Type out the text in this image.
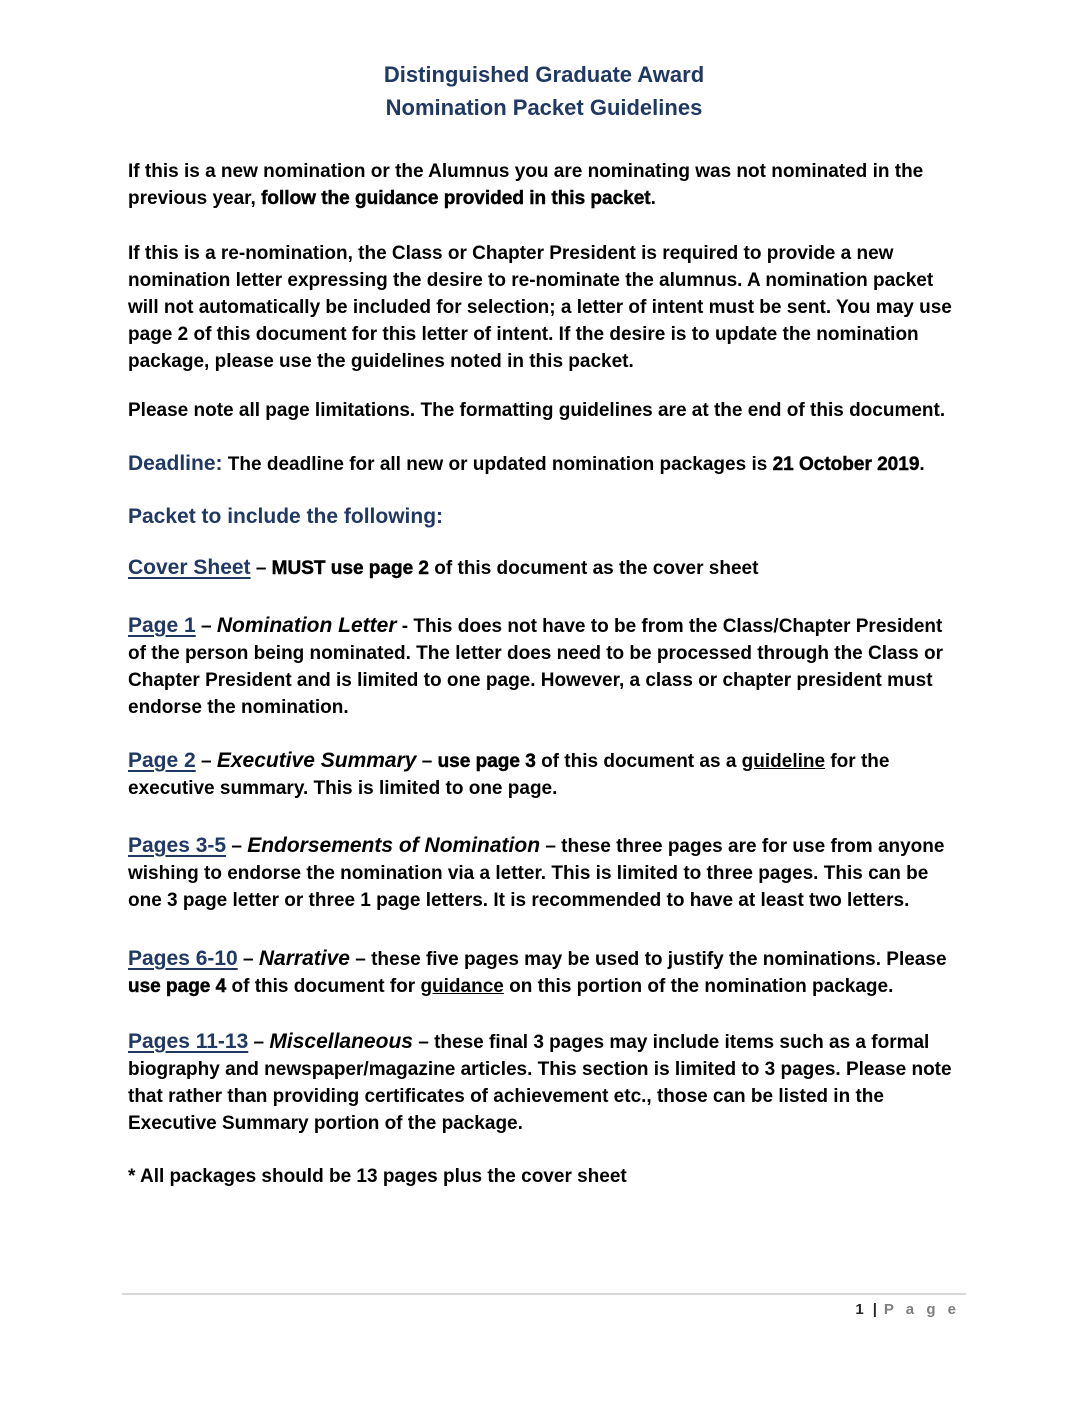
Distinguished Graduate Award
Nomination Packet Guidelines

If this is a new nomination or the Alumnus you are nominating was not nominated in the previous year, follow the guidance provided in this packet.

If this is a re-nomination, the Class or Chapter President is required to provide a new nomination letter expressing the desire to re-nominate the alumnus. A nomination packet will not automatically be included for selection; a letter of intent must be sent. You may use page 2 of this document for this letter of intent. If the desire is to update the nomination package, please use the guidelines noted in this packet.

Please note all page limitations. The formatting guidelines are at the end of this document.

Deadline: The deadline for all new or updated nomination packages is 21 October 2019.

Packet to include the following:

Cover Sheet – MUST use page 2 of this document as the cover sheet

Page 1 – Nomination Letter - This does not have to be from the Class/Chapter President of the person being nominated. The letter does need to be processed through the Class or Chapter President and is limited to one page. However, a class or chapter president must endorse the nomination.

Page 2 – Executive Summary – use page 3 of this document as a guideline for the executive summary. This is limited to one page.

Pages 3-5 – Endorsements of Nomination – these three pages are for use from anyone wishing to endorse the nomination via a letter. This is limited to three pages. This can be one 3 page letter or three 1 page letters. It is recommended to have at least two letters.

Pages 6-10 – Narrative – these five pages may be used to justify the nominations. Please use page 4 of this document for guidance on this portion of the nomination package.

Pages 11-13 – Miscellaneous – these final 3 pages may include items such as a formal biography and newspaper/magazine articles. This section is limited to 3 pages. Please note that rather than providing certificates of achievement etc., those can be listed in the Executive Summary portion of the package.

* All packages should be 13 pages plus the cover sheet

1 | P a g e
